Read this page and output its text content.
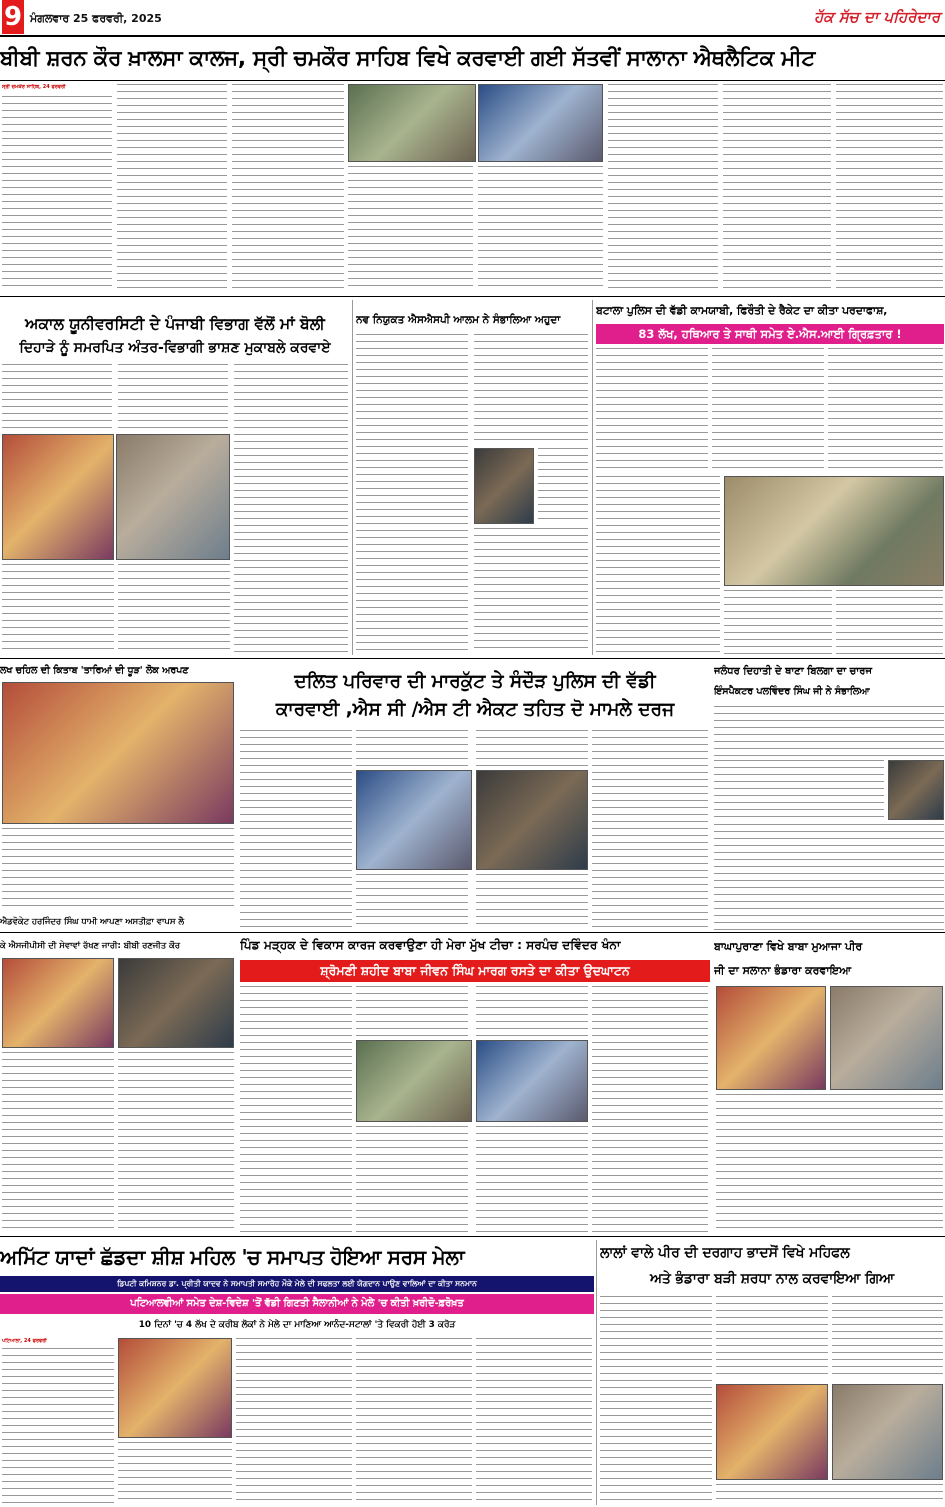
9 ਮੰਗਲਵਾਰ 25 ਫਰਵਰੀ, 2025	ਹੱਕ ਸੱਚ ਦਾ ਪਹਿਰੇਦਾਰ
ਬੀਬੀ ਸ਼ਰਨ ਕੌਰ ਖ਼ਾਲਸਾ ਕਾਲਜ, ਸ੍ਰੀ ਚਮਕੌਰ ਸਾਹਿਬ ਵਿਖੇ ਕਰਵਾਈ ਗਈ ਸੱਤਵੀਂ ਸਾਲਾਨਾ ਐਥਲੈਟਿਕ ਮੀਟ
ਸ੍ਰੀ ਚਮਕੌਰ ਸਾਹਿਬ, 24 ਫਰਵਰੀ
ਅਕਾਲ ਯੂਨੀਵਰਸਿਟੀ ਦੇ ਪੰਜਾਬੀ ਵਿਭਾਗ ਵੱਲੋਂ ਮਾਂ ਬੋਲੀ
ਦਿਹਾੜੇ ਨੂੰ ਸਮਰਪਿਤ ਅੰਤਰ-ਵਿਭਾਗੀ ਭਾਸ਼ਣ ਮੁਕਾਬਲੇ ਕਰਵਾਏ
ਨਵ ਨਿਯੁਕਤ ਐਸਐਸਪੀ ਆਲਮ ਨੇ ਸੰਭਾਲਿਆ ਅਹੁਦਾ
ਬਟਾਲਾ ਪੁਲਿਸ ਦੀ ਵੱਡੀ ਕਾਮਯਾਬੀ, ਫਿਰੌਤੀ ਦੇ ਰੈਕੇਟ ਦਾ ਕੀਤਾ ਪਰਦਾਫਾਸ਼,
83 ਲੱਖ, ਹਥਿਆਰ ਤੇ ਸਾਥੀ ਸਮੇਤ ਏ.ਐਸ.ਆਈ ਗ੍ਰਿਫ਼ਤਾਰ !
ਲਖ ਚਹਿਲ ਦੀ ਕਿਤਾਬ 'ਤਾਰਿਆਂ ਦੀ ਧੂੜ' ਲੋਕ ਅਰਪਣ
ਦਲਿਤ ਪਰਿਵਾਰ ਦੀ ਮਾਰਕੁੱਟ ਤੇ ਸੰਦੌੜ ਪੁਲਿਸ ਦੀ ਵੱਡੀ
ਕਾਰਵਾਈ ,ਐਸ ਸੀ /ਐਸ ਟੀ ਐਕਟ ਤਹਿਤ ਦੋ ਮਾਮਲੇ ਦਰਜ
ਜਲੰਧਰ ਦਿਹਾਤੀ ਦੇ ਥਾਣਾ ਬਿਲਗਾ ਦਾ ਚਾਰਜ
ਇੰਸਪੈਕਟਰ ਪਲਵਿੰਦਰ ਸਿੰਘ ਜੀ ਨੇ ਸੰਭਾਲਿਆ
ਐਡਵੋਕੇਟ ਹਰਜਿੰਦਰ ਸਿੰਘ ਧਾਮੀ ਆਪਣਾ ਅਸਤੀਫ਼ਾ ਵਾਪਸ ਲੈ
ਕੇ ਐਸਜੀਪੀਸੀ ਦੀ ਸੇਵਾਵਾਂ ਰੱਖਣ ਜਾਰੀ: ਬੀਬੀ ਰਣਜੀਤ ਕੌਰ	ਪਿੰਡ ਮੜ੍ਹਕ ਦੇ ਵਿਕਾਸ ਕਾਰਜ ਕਰਵਾਉਣਾ ਹੀ ਮੇਰਾ ਮੁੱਖ ਟੀਚਾ : ਸਰਪੰਚ ਦਵਿੰਦਰ ਖੰਨਾ
ਸ਼੍ਰੋਮਣੀ ਸ਼ਹੀਦ ਬਾਬਾ ਜੀਵਨ ਸਿੰਘ ਮਾਰਗ ਰਸਤੇ ਦਾ ਕੀਤਾ ਉਦਘਾਟਨ
ਬਾਘਾਪੁਰਾਣਾ ਵਿਖੇ ਬਾਬਾ ਮੁਆਜਾ ਪੀਰ
ਜੀ ਦਾ ਸਲਾਨਾ ਭੰਡਾਰਾ ਕਰਵਾਇਆ
ਅਮਿੱਟ ਯਾਦਾਂ ਛੱਡਦਾ ਸ਼ੀਸ਼ ਮਹਿਲ 'ਚ ਸਮਾਪਤ ਹੋਇਆ ਸਰਸ ਮੇਲਾ
ਡਿਪਟੀ ਕਮਿਸ਼ਨਰ ਡਾ. ਪ੍ਰੀਤੀ ਯਾਦਵ ਨੇ ਸਮਾਪਤੀ ਸਮਾਰੋਹ ਮੌਕੇ ਮੇਲੇ ਦੀ ਸਫਲਤਾ ਲਈ ਯੋਗਦਾਨ ਪਾਉਣ ਵਾਲਿਆਂ ਦਾ ਕੀਤਾ ਸਨਮਾਨ
ਪਟਿਆਲਵੀਆਂ ਸਮੇਤ ਦੇਸ਼-ਵਿਦੇਸ਼ 'ਤੋਂ ਵੱਡੀ ਗਿਣਤੀ ਸੈਲਾਨੀਆਂ ਨੇ ਮੇਲੇ 'ਚ ਕੀਤੀ ਖ਼ਰੀਦੋ-ਫ਼ਰੋਖ਼ਤ
10 ਦਿਨਾਂ 'ਚ 4 ਲੱਖ ਦੇ ਕਰੀਬ ਲੋਕਾਂ ਨੇ ਮੇਲੇ ਦਾ ਮਾਣਿਆ ਆਨੰਦ-ਸਟਾਲਾਂ 'ਤੇ ਵਿਕਰੀ ਹੋਈ 3 ਕਰੋੜ
ਪਟਿਆਲਾ, 24 ਫਰਵਰੀ
ਲਾਲਾਂ ਵਾਲੇ ਪੀਰ ਦੀ ਦਰਗਾਹ ਭਾਦਸੋਂ ਵਿਖੇ ਮਹਿਫਲ
ਅਤੇ ਭੰਡਾਰਾ ਬੜੀ ਸ਼ਰਧਾ ਨਾਲ ਕਰਵਾਇਆ ਗਿਆ
